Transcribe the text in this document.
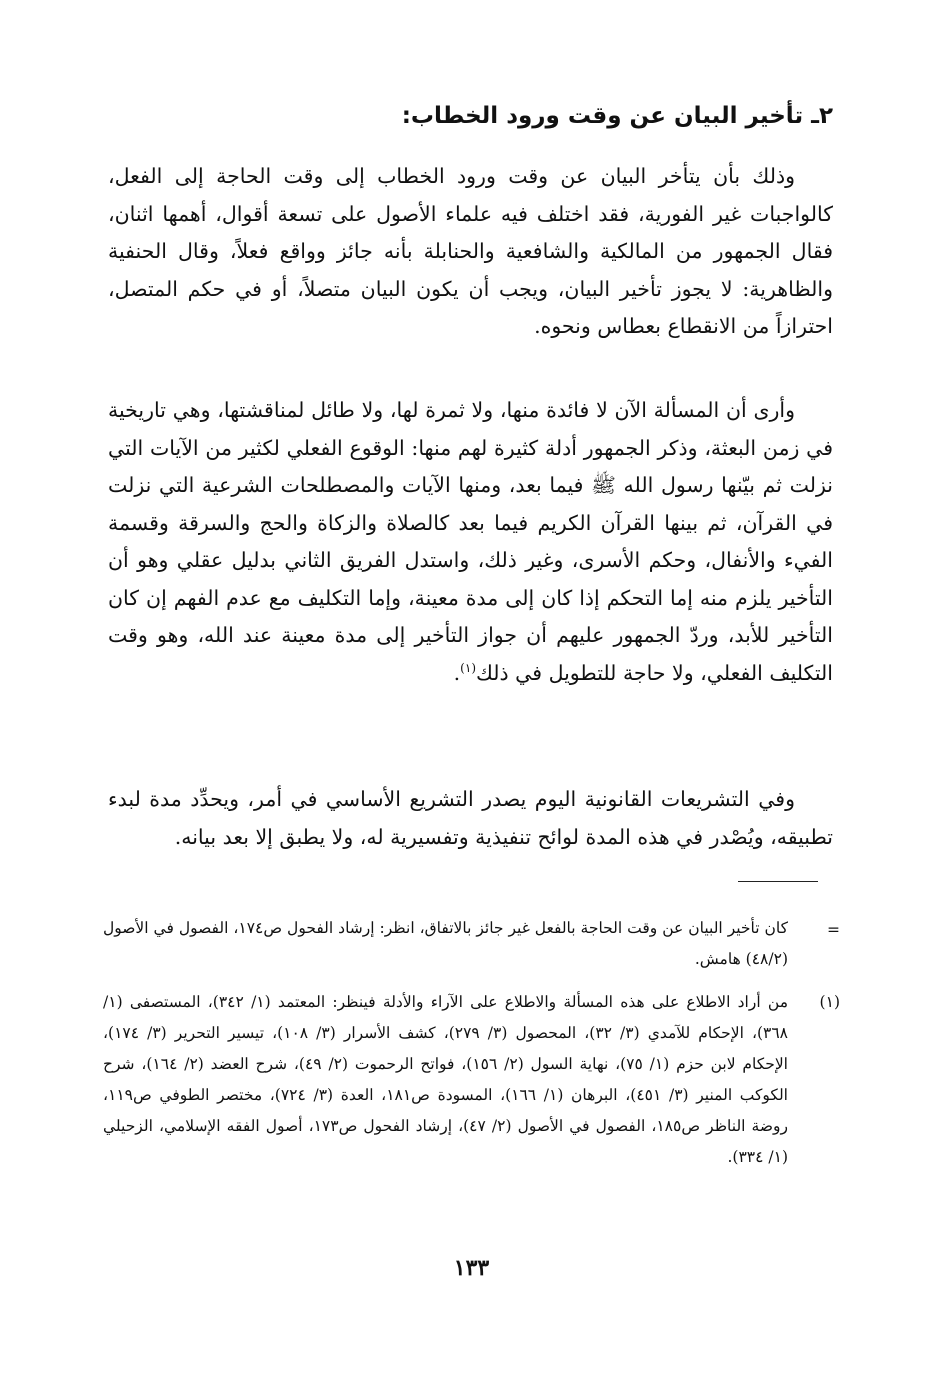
٢ـ تأخير البيان عن وقت ورود الخطاب:

وذلك بأن يتأخر البيان عن وقت ورود الخطاب إلى وقت الحاجة إلى الفعل، كالواجبات غير الفورية، فقد اختلف فيه علماء الأصول على تسعة أقوال، أهمها اثنان، فقال الجمهور من المالكية والشافعية والحنابلة بأنه جائز وواقع فعلاً، وقال الحنفية والظاهرية: لا يجوز تأخير البيان، ويجب أن يكون البيان متصلاً، أو في حكم المتصل، احترازاً من الانقطاع بعطاس ونحوه.

وأرى أن المسألة الآن لا فائدة منها، ولا ثمرة لها، ولا طائل لمناقشتها، وهي تاريخية في زمن البعثة، وذكر الجمهور أدلة كثيرة لهم منها: الوقوع الفعلي لكثير من الآيات التي نزلت ثم بيّنها رسول الله ﷺ فيما بعد، ومنها الآيات والمصطلحات الشرعية التي نزلت في القرآن، ثم بينها القرآن الكريم فيما بعد كالصلاة والزكاة والحج والسرقة وقسمة الفيء والأنفال، وحكم الأسرى، وغير ذلك، واستدل الفريق الثاني بدليل عقلي وهو أن التأخير يلزم منه إما التحكم إذا كان إلى مدة معينة، وإما التكليف مع عدم الفهم إن كان التأخير للأبد، وردّ الجمهور عليهم أن جواز التأخير إلى مدة معينة عند الله، وهو وقت التكليف الفعلي، ولا حاجة للتطويل في ذلك$^{(١)}$.

وفي التشريعات القانونية اليوم يصدر التشريع الأساسي في أمر، ويحدِّد مدة لبدء تطبيقه، ويُصْدر في هذه المدة لوائح تنفيذية وتفسيرية له، ولا يطبق إلا بعد بيانه.

=

كان تأخير البيان عن وقت الحاجة بالفعل غير جائز بالاتفاق، انظر: إرشاد الفحول ص١٧٤، الفصول في الأصول (٤٨/٢) هامش.

(١)

من أراد الاطلاع على هذه المسألة والاطلاع على الآراء والأدلة فينظر: المعتمد (١/ ٣٤٢)، المستصفى (١/ ٣٦٨)، الإحكام للآمدي (٣/ ٣٢)، المحصول (٣/ ٢٧٩)، كشف الأسرار (٣/ ١٠٨)، تيسير التحرير (٣/ ١٧٤)، الإحكام لابن حزم (١/ ٧٥)، نهاية السول (٢/ ١٥٦)، فواتح الرحموت (٢/ ٤٩)، شرح العضد (٢/ ١٦٤)، شرح الكوكب المنير (٣/ ٤٥١)، البرهان (١/ ١٦٦)، المسودة ص١٨١، العدة (٣/ ٧٢٤)، مختصر الطوفي ص١١٩، روضة الناظر ص١٨٥، الفصول في الأصول (٢/ ٤٧)، إرشاد الفحول ص١٧٣، أصول الفقه الإسلامي، الزحيلي (١/ ٣٣٤).

١٣٣
